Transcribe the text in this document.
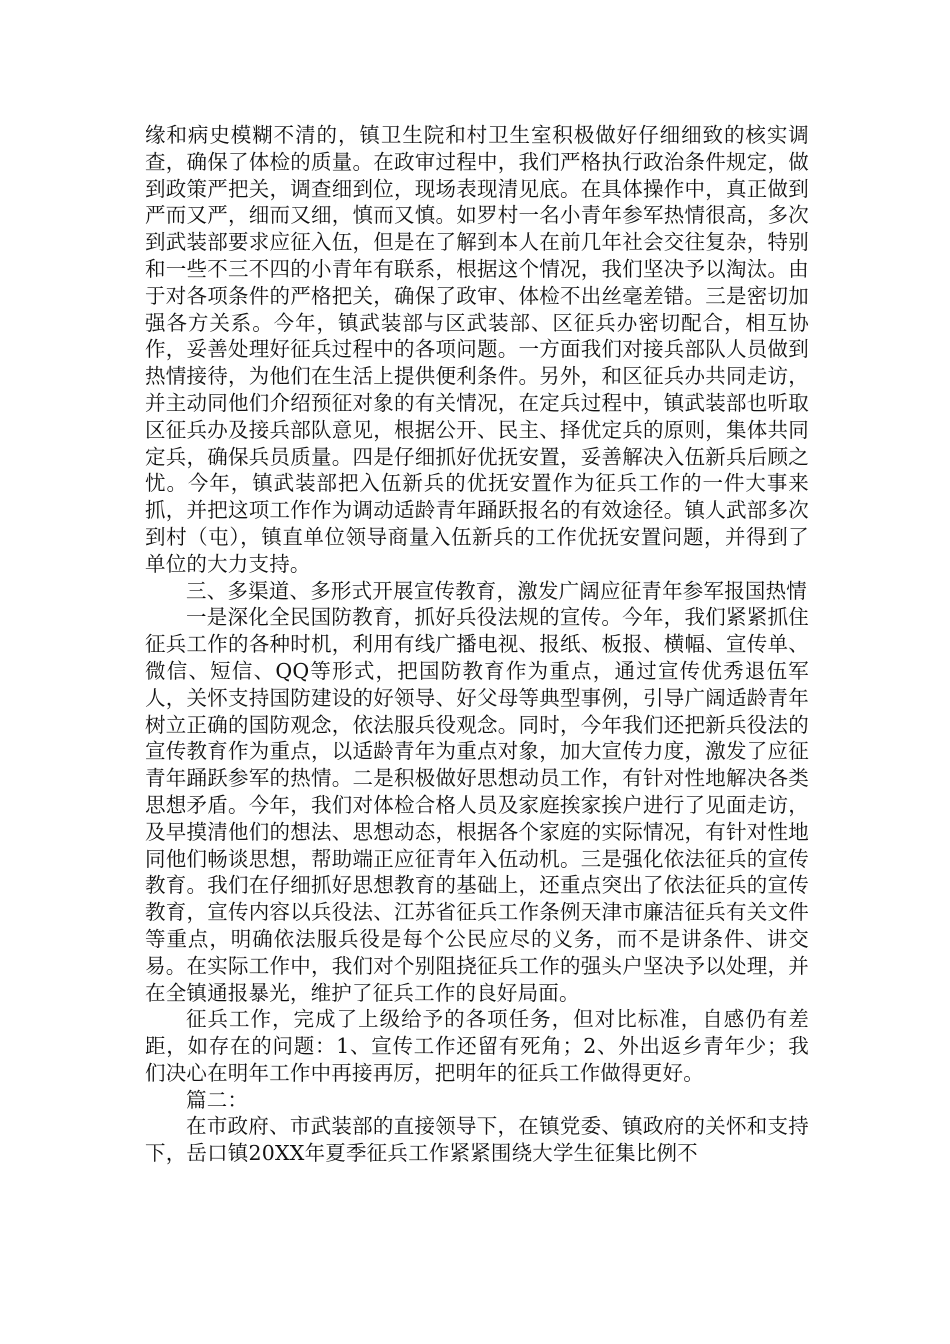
缘和病史模糊不清的，镇卫生院和村卫生室积极做好仔细细致的核实调查，确保了体检的质量。在政审过程中，我们严格执行政治条件规定，做到政策严把关，调查细到位，现场表现清见底。在具体操作中，真正做到严而又严，细而又细，慎而又慎。如罗村一名小青年参军热情很高，多次到武装部要求应征入伍，但是在了解到本人在前几年社会交往复杂，特别和一些不三不四的小青年有联系，根据这个情况，我们坚决予以淘汰。由于对各项条件的严格把关，确保了政审、体检不出丝毫差错。三是密切加强各方关系。今年，镇武装部与区武装部、区征兵办密切配合，相互协作，妥善处理好征兵过程中的各项问题。一方面我们对接兵部队人员做到热情接待，为他们在生活上提供便利条件。另外，和区征兵办共同走访，并主动同他们介绍预征对象的有关情况，在定兵过程中，镇武装部也听取区征兵办及接兵部队意见，根据公开、民主、择优定兵的原则，集体共同定兵，确保兵员质量。四是仔细抓好优抚安置，妥善解决入伍新兵后顾之忧。今年，镇武装部把入伍新兵的优抚安置作为征兵工作的一件大事来抓，并把这项工作作为调动适龄青年踊跃报名的有效途径。镇人武部多次到村（屯），镇直单位领导商量入伍新兵的工作优抚安置问题，并得到了单位的大力支持。

三、多渠道、多形式开展宣传教育，激发广阔应征青年参军报国热情

一是深化全民国防教育，抓好兵役法规的宣传。今年，我们紧紧抓住征兵工作的各种时机，利用有线广播电视、报纸、板报、横幅、宣传单、微信、短信、QQ等形式，把国防教育作为重点，通过宣传优秀退伍军人，关怀支持国防建设的好领导、好父母等典型事例，引导广阔适龄青年树立正确的国防观念，依法服兵役观念。同时，今年我们还把新兵役法的宣传教育作为重点，以适龄青年为重点对象，加大宣传力度，激发了应征青年踊跃参军的热情。二是积极做好思想动员工作，有针对性地解决各类思想矛盾。今年，我们对体检合格人员及家庭挨家挨户进行了见面走访，及早摸清他们的想法、思想动态，根据各个家庭的实际情况，有针对性地同他们畅谈思想，帮助端正应征青年入伍动机。三是强化依法征兵的宣传教育。我们在仔细抓好思想教育的基础上，还重点突出了依法征兵的宣传教育，宣传内容以兵役法、江苏省征兵工作条例天津市廉洁征兵有关文件等重点，明确依法服兵役是每个公民应尽的义务，而不是讲条件、讲交易。在实际工作中，我们对个别阻挠征兵工作的强头户坚决予以处理，并在全镇通报暴光，维护了征兵工作的良好局面。

征兵工作，完成了上级给予的各项任务，但对比标准，自感仍有差距，如存在的问题：1、宣传工作还留有死角；2、外出返乡青年少；我们决心在明年工作中再接再厉，把明年的征兵工作做得更好。

篇二：

在市政府、市武装部的直接领导下，在镇党委、镇政府的关怀和支持下，岳口镇20XX年夏季征兵工作紧紧围绕大学生征集比例不
